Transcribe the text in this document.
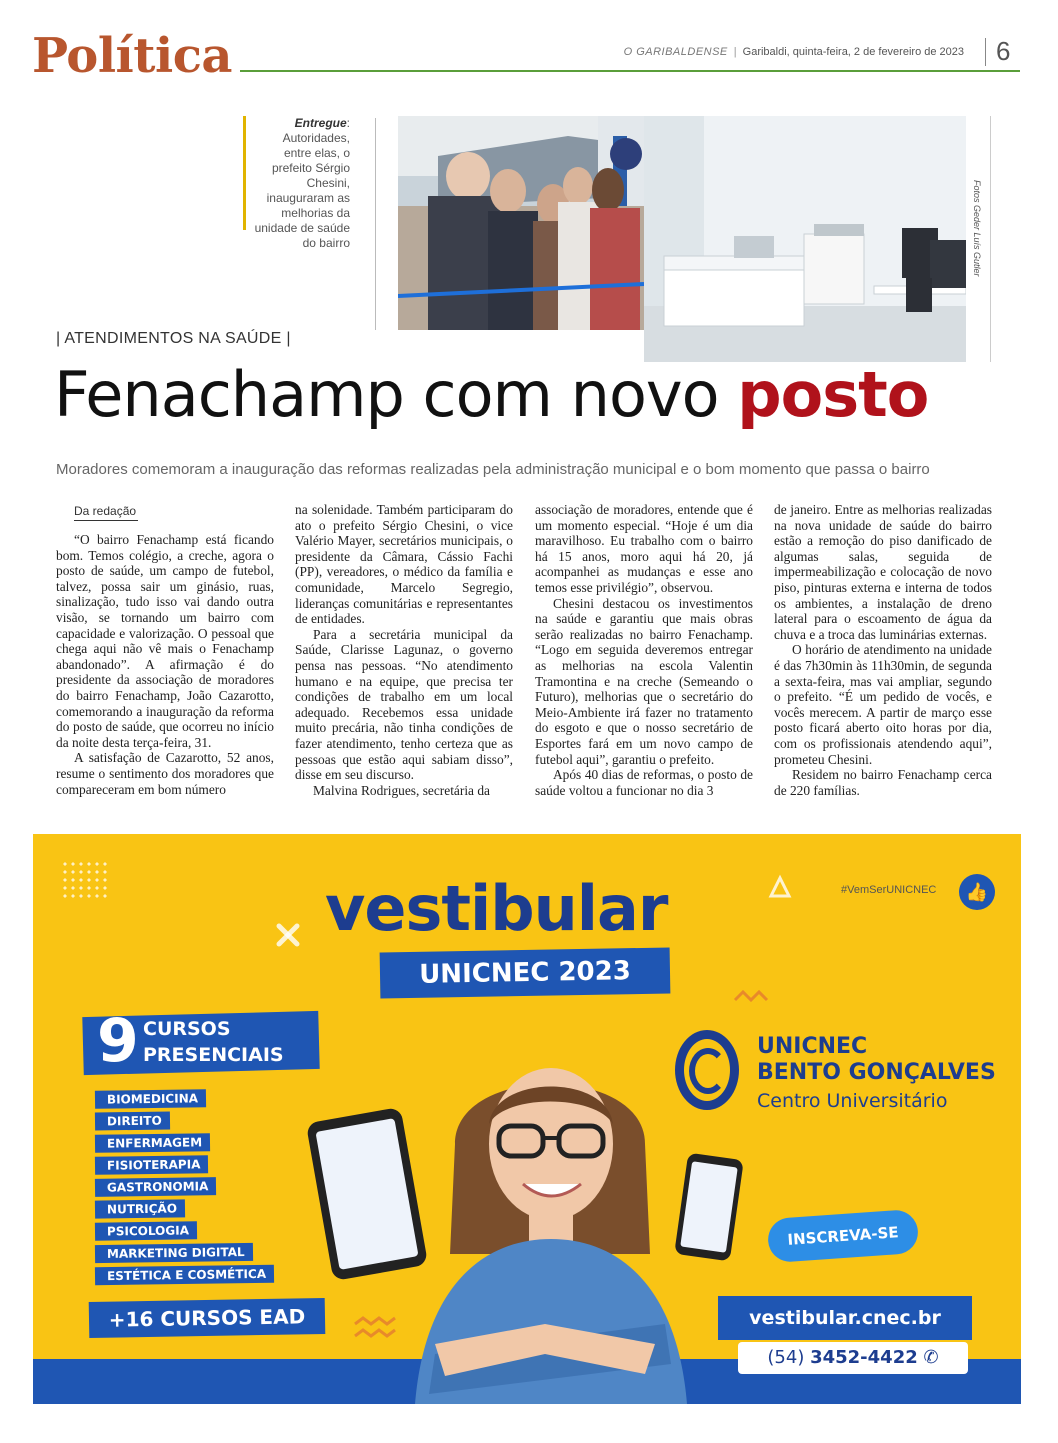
Política	O GARIBALDENSE | Garibaldi, quinta-feira, 2 de fevereiro de 2023 6
Entregue: Autoridades, entre elas, o prefeito Sérgio Chesini, inauguraram as melhorias da unidade de saúde do bairro	Fotos Geder Luís Gutler
| ATENDIMENTOS NA SAÚDE |
Fenachamp com novo posto
Moradores comemoram a inauguração das reformas realizadas pela administração municipal e o bom momento que passa o bairro
Da redação

“O bairro Fenachamp está ficando bom. Temos colégio, a creche, agora o posto de saúde, um campo de futebol, talvez, possa sair um ginásio, ruas, sinalização, tudo isso vai dando outra visão, se tornando um bairro com capacidade e valorização. O pessoal que chega aqui não vê mais o Fenachamp abandonado”. A afirmação é do presidente da associação de moradores do bairro Fenachamp, João Cazarotto, comemorando a inauguração da reforma do posto de saúde, que ocorreu no início da noite desta terça-feira, 31.

A satisfação de Cazarotto, 52 anos, resume o sentimento dos moradores que compareceram em bom número

na solenidade. Também participaram do ato o prefeito Sérgio Chesini, o vice Valério Mayer, secretários municipais, o presidente da Câmara, Cássio Fachi (PP), vereadores, o médico da família e comunidade, Marcelo Segregio, lideranças comunitárias e representantes de entidades.

Para a secretária municipal da Saúde, Clarisse Lagunaz, o governo pensa nas pessoas. “No atendimento humano e na equipe, que precisa ter condições de trabalho em um local adequado. Recebemos essa unidade muito precária, não tinha condições de fazer atendimento, tenho certeza que as pessoas que estão aqui sabiam disso”, disse em seu discurso.

Malvina Rodrigues, secretária da

associação de moradores, entende que é um momento especial. “Hoje é um dia maravilhoso. Eu trabalho com o bairro há 15 anos, moro aqui há 20, já acompanhei as mudanças e esse ano temos esse privilégio”, observou.

Chesini destacou os investimentos na saúde e garantiu que mais obras serão realizadas no bairro Fenachamp. “Logo em seguida deveremos entregar as melhorias na escola Valentin Tramontina e na creche (Semeando o Futuro), melhorias que o secretário do Meio-Ambiente irá fazer no tratamento do esgoto e que o nosso secretário de Esportes fará em um novo campo de futebol aqui”, garantiu o prefeito.

Após 40 dias de reformas, o posto de saúde voltou a funcionar no dia 3

de janeiro. Entre as melhorias realizadas na nova unidade de saúde do bairro estão a remoção do piso danificado de algumas salas, seguida de impermeabilização e colocação de novo piso, pinturas externa e interna de todos os ambientes, a instalação de dreno lateral para o escoamento de água da chuva e a troca das luminárias externas.

O horário de atendimento na unidade é das 7h30min às 11h30min, de segunda a sexta-feira, mas vai ampliar, segundo o prefeito. “É um pedido de vocês, e vocês merecem. A partir de março esse posto ficará aberto oito horas por dia, com os profissionais atendendo aqui”, prometeu Chesini.

Residem no bairro Fenachamp cerca de 220 famílias.

vestibular
UNICNEC 2023
#VemSerUNICNEC	👍
9 CURSOS
PRESENCIAIS
BIOMEDICINA
DIREITO
ENFERMAGEM
FISIOTERAPIA
GASTRONOMIA
NUTRIÇÃO
PSICOLOGIA
MARKETING DIGITAL
ESTÉTICA E COSMÉTICA
+16 CURSOS EAD
UNICNEC
BENTO GONÇALVES
Centro Universitário
INSCREVA-SE
vestibular.cnec.br
(54) 3452-4422 ✆
